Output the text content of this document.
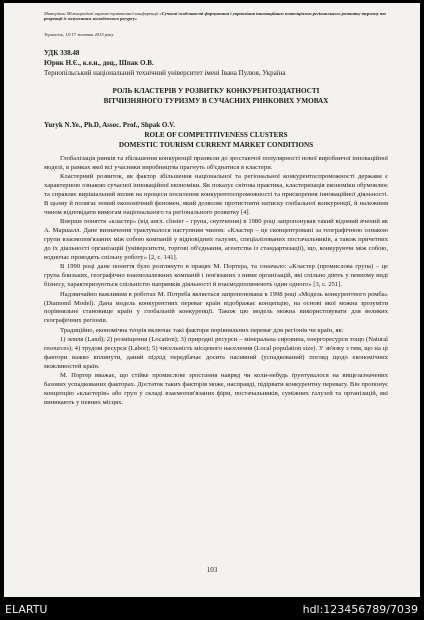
Матеріали Міжнародної науково-практичної конференції «Сучасні особливості формування і управління інноваційним потенціалом регіонального розвитку туризму та рекреації із залученням молодіжного ресурсу»
Тернопіль, 15-17 жовтня 2015 року
УДК 338.48
Юрик Н.Є., к.е.н., доц., Шпак О.В.
Тернопільський національний технічний університет імені Івана Пулюя, Україна
РОЛЬ КЛАСТЕРІВ У РОЗВИТКУ КОНКУРЕНТОЗДАТНОСТІ
ВІТЧИЗНЯНОГО ТУРИЗМУ В СУЧАСНИХ РИНКОВИХ УМОВАХ
Yuryk N.Ye., Ph.D, Assoc. Prof., Shpak O.V.
ROLE OF COMPETITIVENESS CLUSTERS
DOMESTIC TOURISM CURRENT MARKET CONDITIONS

Глобалізація ринків та збільшення конкуренції призвели до зростаючої популярності нової виробничої інноваційної моделі, в рамках якої всі учасники виробництва прагнуть об'єднатися в кластери.

Кластерний розвиток, як фактор збільшення національної та регіональної конкурентоспроможності держави є характерною ознакою сучасної інноваційної економіки. Як показує світова практика, кластеризація економіки обумовлює та справляє вирішальний вплив на процеси посилення конкурентоспроможності та прискорення інноваційної діяльності. В цьому й полягає новий економічний феномен, який дозволяє протистояти натиску глобальної конкуренції, й належним чином відповідати вимогам національного та регіонального розвитку [4].

Вперше поняття «кластер» (від англ. cluster – група, скупчення) в 1980 році запропонував такий відомий вчений як А. Маршалл. Дане визначення трактувалося наступним чином: «Кластер – це сконцентровані за географічною ознакою групи взаємопов'язаних між собою компаній у відповідних галузях, спеціалізованих постачальників, а також причетних до їх діяльності організацій (університети, торгові об'єднання, агентства із стандартизації), що, конкуруючи між собою, водночас проводять спільну роботу» [2, с. 141].

В 1990 році дане поняття було розглянуто в працях М. Портера, та означало: «Кластер (промислова група) – це група близьких, географічно взаємозалежних компаній і пов'язаних з ними організацій, які спільно діють у певному виді бізнесу, характеризуються спільністю напрямків діяльності й взаємодоповнюють один одного» [3, с. 251].

Надзвичайно важливим в роботах М. Потреба являється запропонована в 1998 році «Модель конкурентного ромба» (Diamond Model). Дана модель конкурентних переваг країн відображає концепцію, на основі якої можна зрозуміти порівняльне становище країн у глобальній конкуренції. Також цю модель можна використовувати для великих географічних регіонів.

Традиційно, економічна теорія включає такі фактори порівняльних переваг для регіонів чи країн, як:

1) земля (Land); 2) розміщення (Location); 3) природні ресурси – мінеральна сировина, енергоресурси тощо (Natural resources); 4) трудові ресурси (Labor); 5) чисельність місцевого населення (Local population size). У зв'язку з тим, що на ці фактори важко вплинути, даний підхід передбачає досить пасивний (успадкований) погляд щодо економічних можливостей країн.

М. Портер вважає, що стійке промислове зростання навряд чи коли-небудь ґрунтувалося на вищезазначених базових успадкованих факторах. Достаток таких факторів може, насправді, підірвати конкурентну перевагу. Він пропонує концепцію «кластерів» або груп у складі взаємопов'язаних фірм, постачальників, суміжних галузей та організацій, які виникають у певних місцях.

103
ELARTU	hdl:123456789/7039
